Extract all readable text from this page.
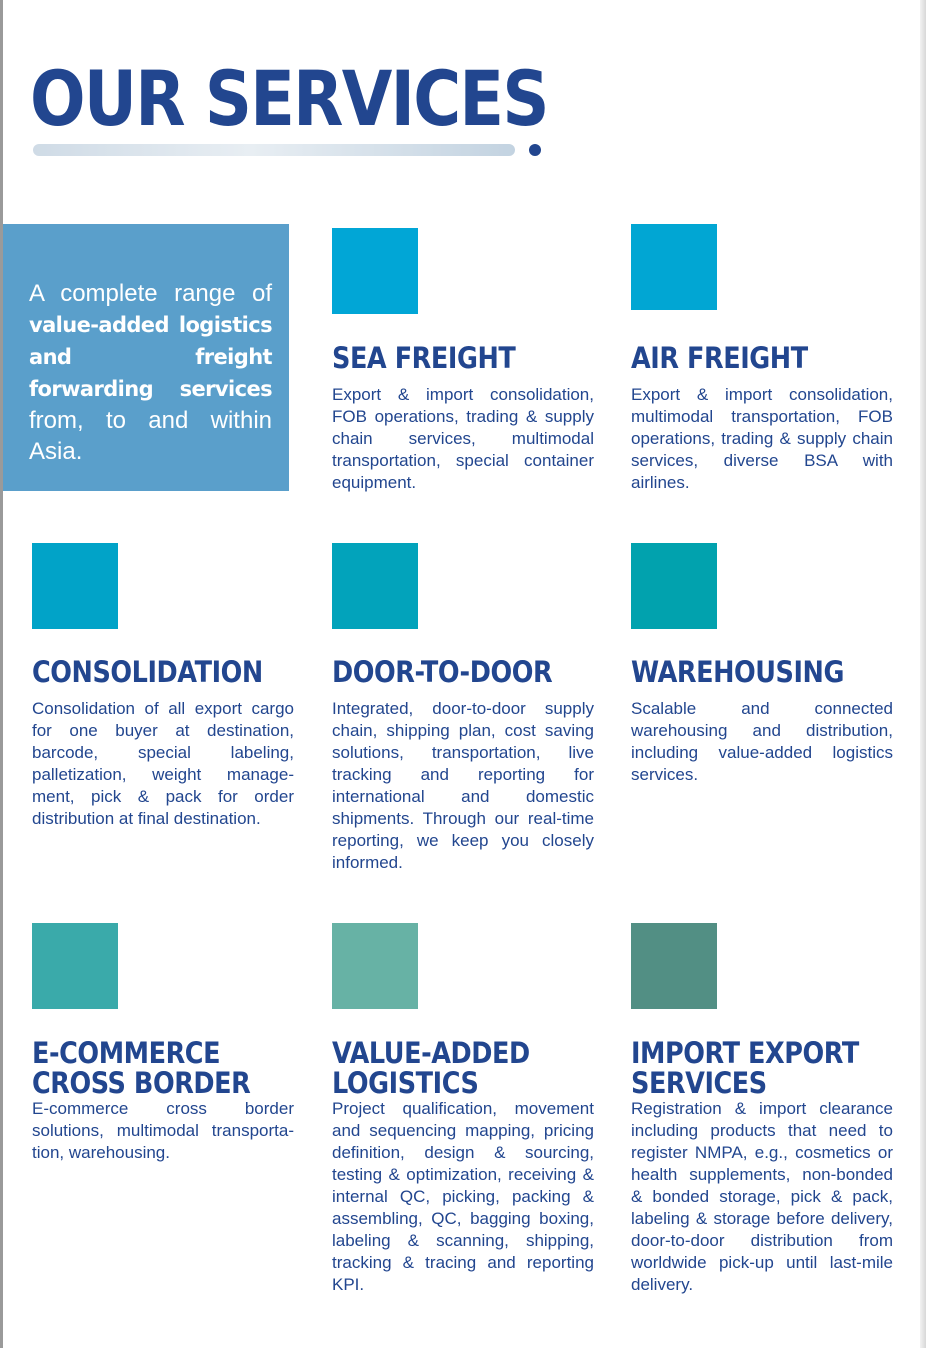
OUR SERVICES
A complete range of value-added logistics and freight forwarding services from, to and within Asia.
SEA FREIGHT

Export & import consolidation, FOB operations, trading & supply chain services, multimodal transportation, special container equipment.

AIR FREIGHT

Export & import consolidation, multimodal transportation, FOB operations, trading & supply chain services, diverse BSA with airlines.

CONSOLIDATION

Consolidation of all export cargo for one buyer at destination, barcode, special labeling, palletization, weight manage-ment, pick & pack for order distribution at final destination.

DOOR-TO-DOOR

Integrated, door-to-door supply chain, shipping plan, cost saving solutions, transportation, live tracking and reporting for international and domestic shipments. Through our real-time reporting, we keep you closely informed.

WAREHOUSING

Scalable and connected warehousing and distribution, including value-added logistics services.

E-COMMERCE
CROSS BORDER

E-commerce cross border solutions, multimodal transporta-tion, warehousing.

VALUE-ADDED
LOGISTICS

Project qualification, movement and sequencing mapping, pricing definition, design & sourcing, testing & optimization, receiving & internal QC, picking, packing & assembling, QC, bagging boxing, labeling & scanning, shipping, tracking & tracing and reporting KPI.

IMPORT EXPORT
SERVICES

Registration & import clearance including products that need to register NMPA, e.g., cosmetics or health supplements, non-bonded & bonded storage, pick & pack, labeling & storage before delivery, door-to-door distribution from worldwide pick-up until last-mile delivery.
